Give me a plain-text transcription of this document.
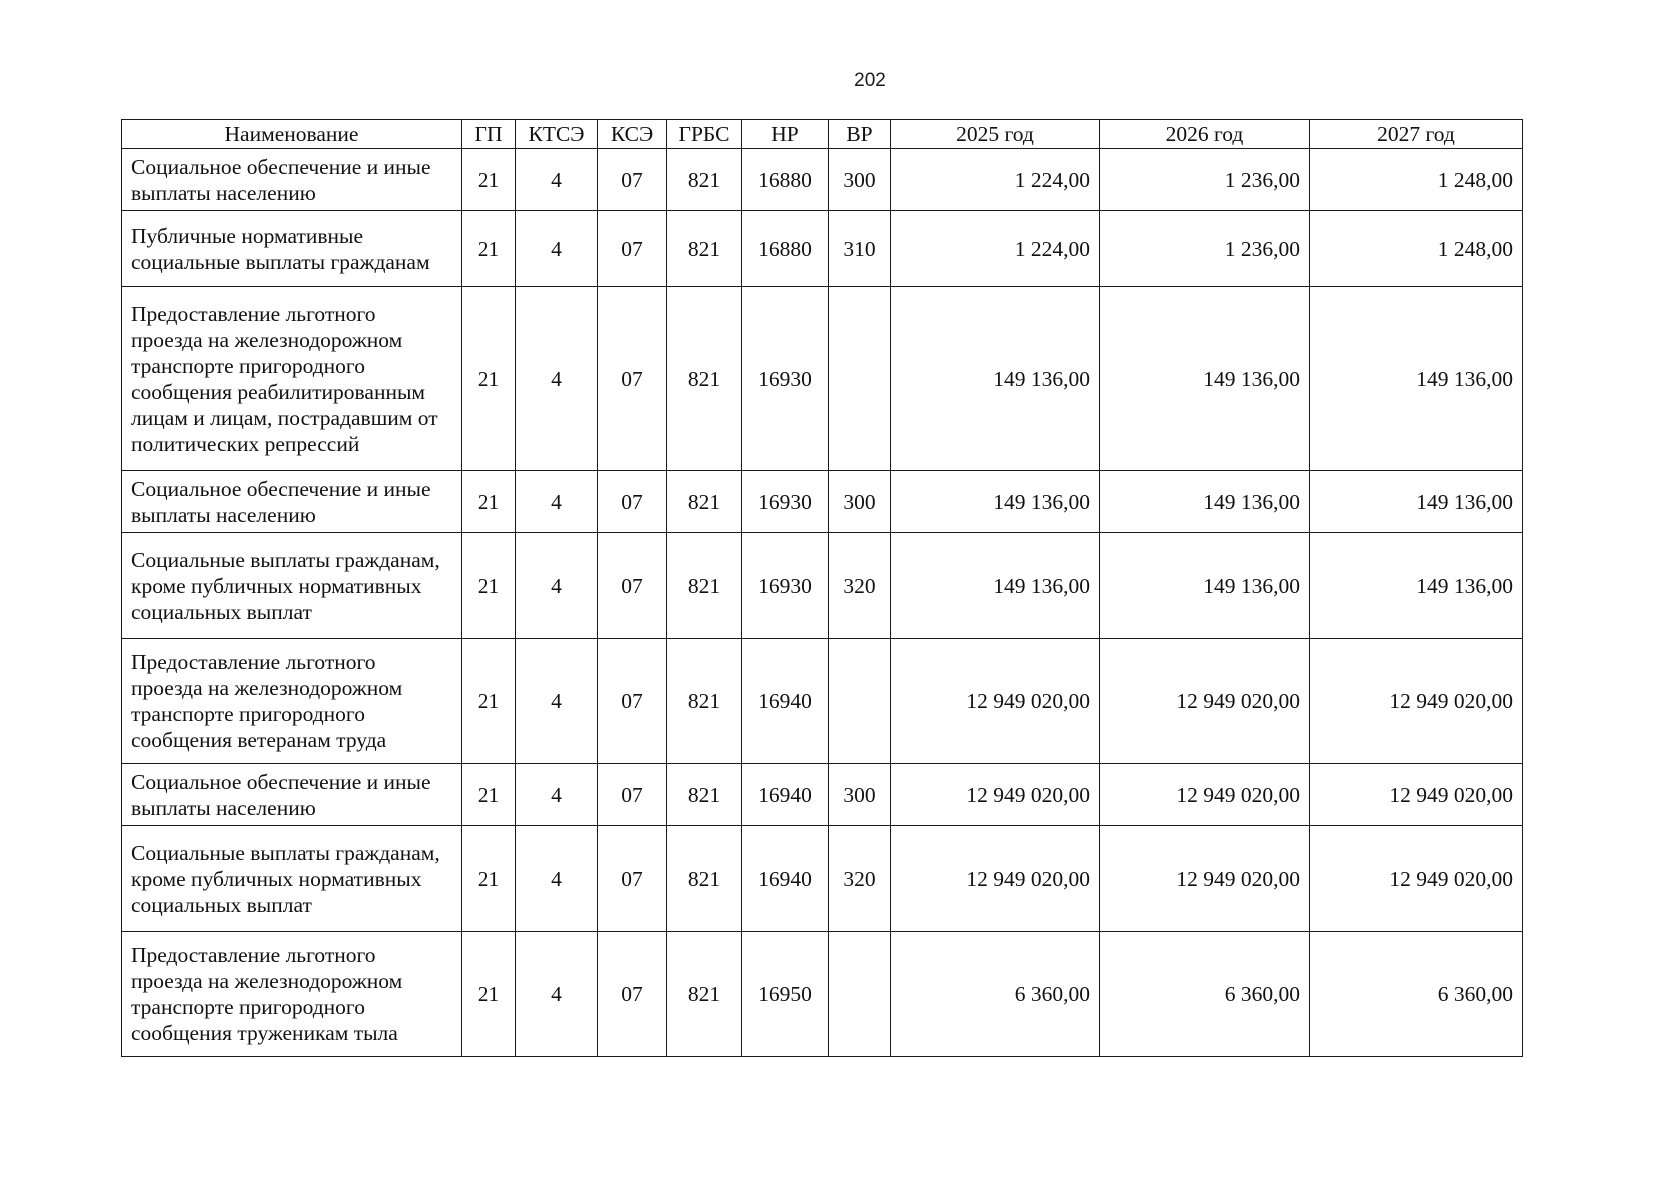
202
Наименование	ГП	КТСЭ	КСЭ	ГРБС	НР	ВР	2025 год	2026 год	2027 год
Социальное обеспечение и иные выплаты населению	21	4	07	821	16880	300	1 224,00	1 236,00	1 248,00
Публичные нормативные социальные выплаты гражданам	21	4	07	821	16880	310	1 224,00	1 236,00	1 248,00
Предоставление льготного проезда на железнодорожном транспорте пригородного сообщения реабилитированным лицам и лицам, пострадавшим от политических репрессий	21	4	07	821	16930		149 136,00	149 136,00	149 136,00
Социальное обеспечение и иные выплаты населению	21	4	07	821	16930	300	149 136,00	149 136,00	149 136,00
Социальные выплаты гражданам, кроме публичных нормативных социальных выплат	21	4	07	821	16930	320	149 136,00	149 136,00	149 136,00
Предоставление льготного проезда на железнодорожном транспорте пригородного сообщения ветеранам труда	21	4	07	821	16940		12 949 020,00	12 949 020,00	12 949 020,00
Социальное обеспечение и иные выплаты населению	21	4	07	821	16940	300	12 949 020,00	12 949 020,00	12 949 020,00
Социальные выплаты гражданам, кроме публичных нормативных социальных выплат	21	4	07	821	16940	320	12 949 020,00	12 949 020,00	12 949 020,00
Предоставление льготного проезда на железнодорожном транспорте пригородного сообщения труженикам тыла	21	4	07	821	16950		6 360,00	6 360,00	6 360,00
